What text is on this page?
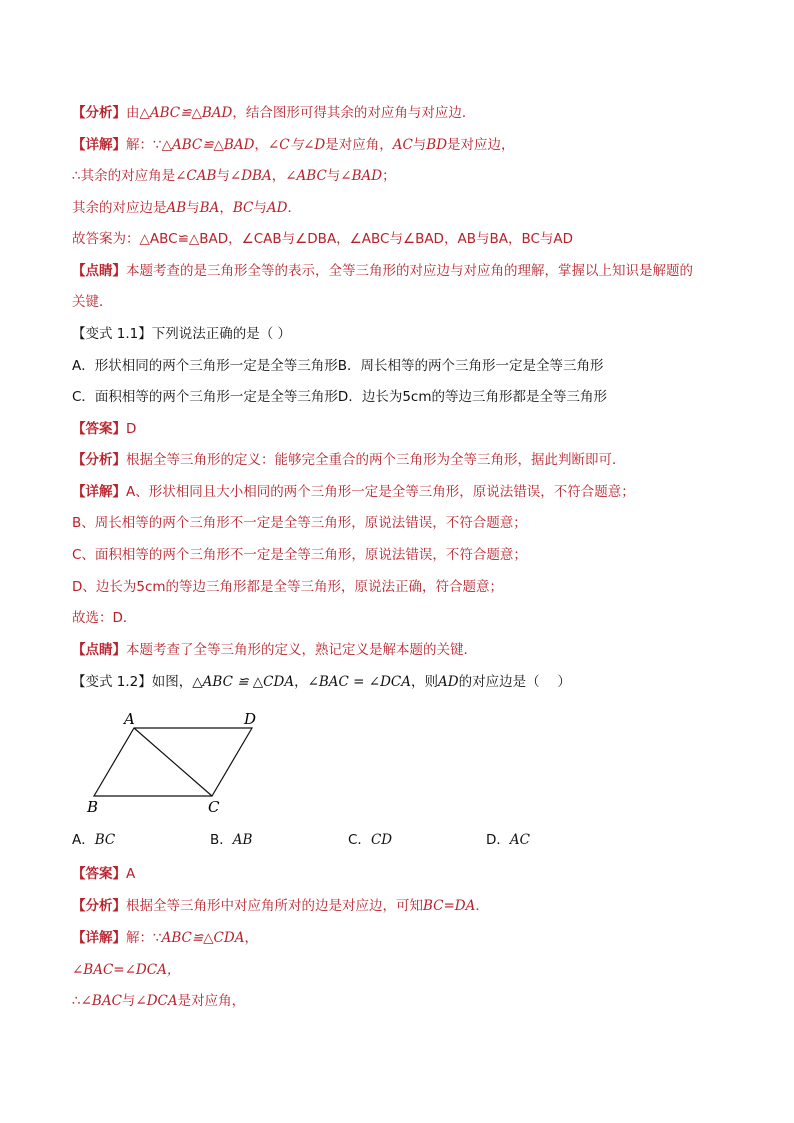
【分析】由△ABC≌△BAD，结合图形可得其余的对应角与对应边．
【详解】解：∵△ABC≌△BAD，∠C与∠D是对应角，AC与BD是对应边，
∴其余的对应角是∠CAB与∠DBA，∠ABC与∠BAD；
其余的对应边是AB与BA，BC与AD．
故答案为：△ABC≌△BAD，∠CAB与∠DBA，∠ABC与∠BAD，AB与BA，BC与AD
【点睛】本题考查的是三角形全等的表示，全等三角形的对应边与对应角的理解，掌握以上知识是解题的
关键．
【变式 1.1】下列说法正确的是（ ）
A．形状相同的两个三角形一定是全等三角形B．周长相等的两个三角形一定是全等三角形
C．面积相等的两个三角形一定是全等三角形D．边长为5cm的等边三角形都是全等三角形
【答案】D
【分析】根据全等三角形的定义：能够完全重合的两个三角形为全等三角形，据此判断即可．
【详解】A、形状相同且大小相同的两个三角形一定是全等三角形，原说法错误，不符合题意；
B、周长相等的两个三角形不一定是全等三角形，原说法错误，不符合题意；
C、面积相等的两个三角形不一定是全等三角形，原说法错误，不符合题意；
D、边长为5cm的等边三角形都是全等三角形，原说法正确，符合题意；
故选：D．
【点睛】本题考查了全等三角形的定义，熟记定义是解本题的关键．
【变式 1.2】如图，△ABC ≌ △CDA，∠BAC = ∠DCA，则AD的对应边是（　 ）
A	D
B	C
A．BC	B．AB	C．CD	D．AC
【答案】A
【分析】根据全等三角形中对应角所对的边是对应边，可知BC=DA．
【详解】解：∵ABC≌△CDA，
∠BAC=∠DCA，
∴∠BAC与∠DCA是对应角，
